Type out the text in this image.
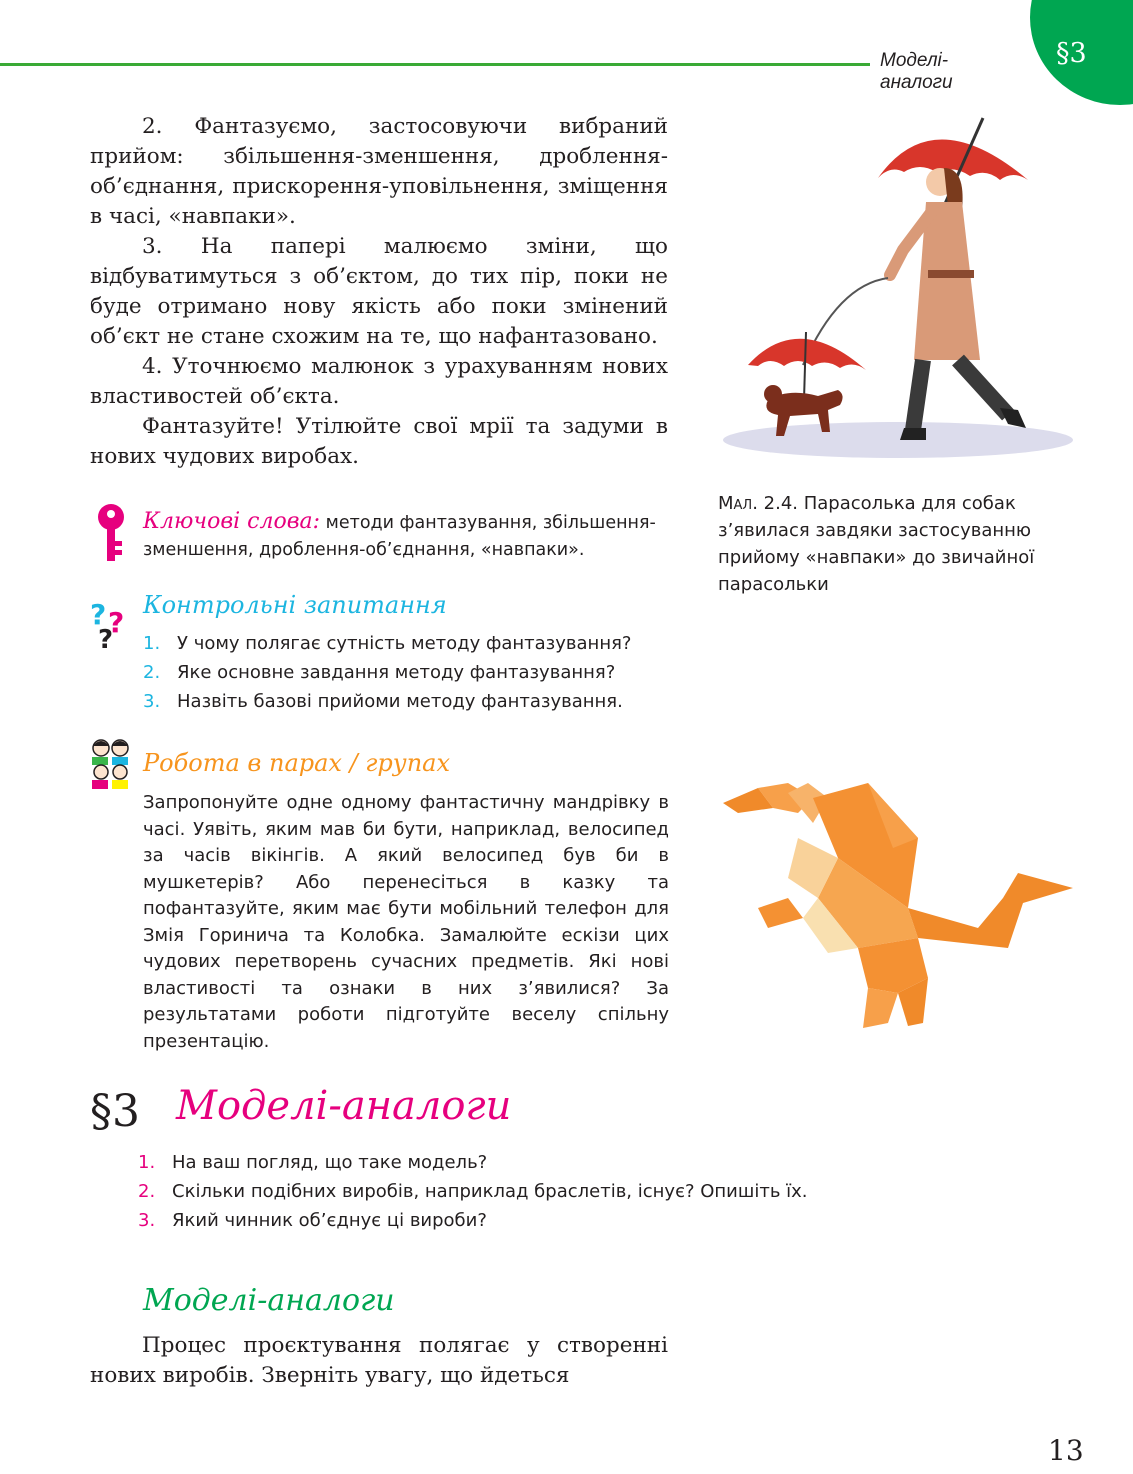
Моделі-аналоги
§3

2. Фантазуємо, застосовуючи вибраний прийом: збільшення-зменшення, дроблення-об’єднання, прискорення-уповільнення, зміщення в часі, «навпаки».

3. На папері малюємо зміни, що відбуватимуться з об’єктом, до тих пір, поки не буде отримано нову якість або поки змінений об’єкт не стане схожим на те, що нафантазовано.

4. Уточнюємо малюнок з урахуванням нових властивостей об’єкта.

Фантазуйте! Утілюйте свої мрії та задуми в нових чудових виробах.

Мал. 2.4. Парасолька для собак з’явилася завдяки застосуванню прийому «навпаки» до звичайної парасольки
Ключові слова: методи фантазування, збільшення-зменшення, дроблення-об’єднання, «навпаки».
? ?
?
Контрольні запитання
1. У чому полягає сутність методу фантазування?
2. Яке основне завдання методу фантазування?
3. Назвіть базові прийоми методу фантазування.
Робота в парах / групах
Запропонуйте одне одному фантастичну мандрівку в часі. Уявіть, яким мав би бути, наприклад, велосипед за часів вікінгів. А який велосипед був би в мушкетерів? Або перенесіться в казку та пофантазуйте, яким має бути мобільний телефон для Змія Горинича та Колобка. Замалюйте ескізи цих чудових перетворень сучасних предметів. Які нові властивості та ознаки в них з’явилися? За результатами роботи підготуйте веселу спільну презентацію.
§3 Моделі-аналоги
1. На ваш погляд, що таке модель?
2. Скільки подібних виробів, наприклад браслетів, існує? Опишіть їх.
3. Який чинник об’єднує ці вироби?
Моделі-аналоги

Процес проєктування полягає у створенні нових виробів. Зверніть увагу, що йдеться

13
